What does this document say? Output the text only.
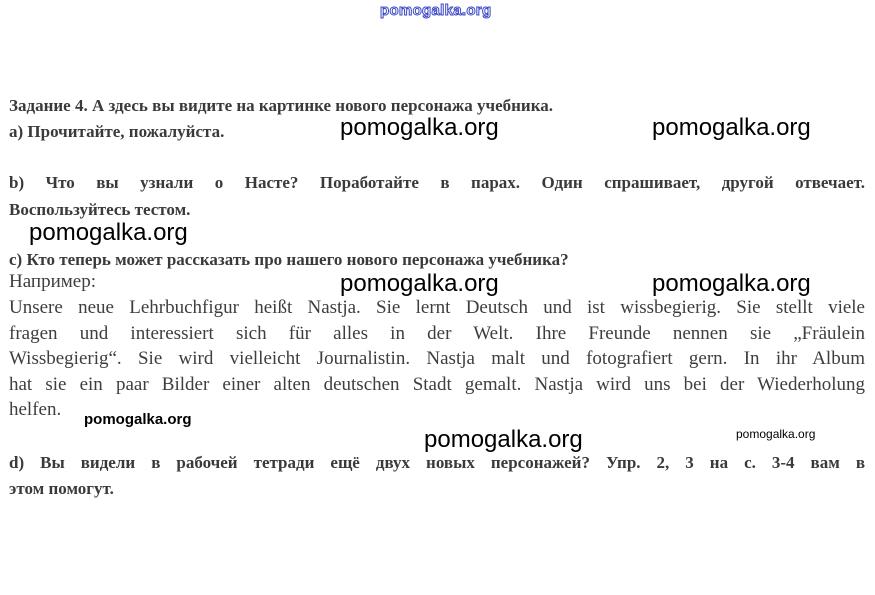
pomogalka.org
Задание 4. А здесь вы видите на картинке нового персонажа учебника.
а) Прочитайте, пожалуйста.
b) Что вы узнали о Насте? Поработайте в парах. Один спрашивает, другой отвечает.
Воспользуйтесь тестом.
c) Кто теперь может рассказать про нашего нового персонажа учебника?
Например:
Unsere neue Lehrbuchfigur heißt Nastja. Sie lernt Deutsch und ist wissbegierig. Sie stellt viele
fragen und interessiert sich für alles in der Welt. Ihre Freunde nennen sie „Fräulein
Wissbegierig“. Sie wird vielleicht Journalistin. Nastja malt und fotografiert gern. In ihr Album
hat sie ein paar Bilder einer alten deutschen Stadt gemalt. Nastja wird uns bei der Wiederholung
helfen.
d) Вы видели в рабочей тетради ещё двух новых персонажей? Упр. 2, 3 на с. 3-4 вам в
этом помогут.
pomogalka.org	pomogalka.org
pomogalka.org
pomogalka.org	pomogalka.org
pomogalka.org
pomogalka.org	pomogalka.org
